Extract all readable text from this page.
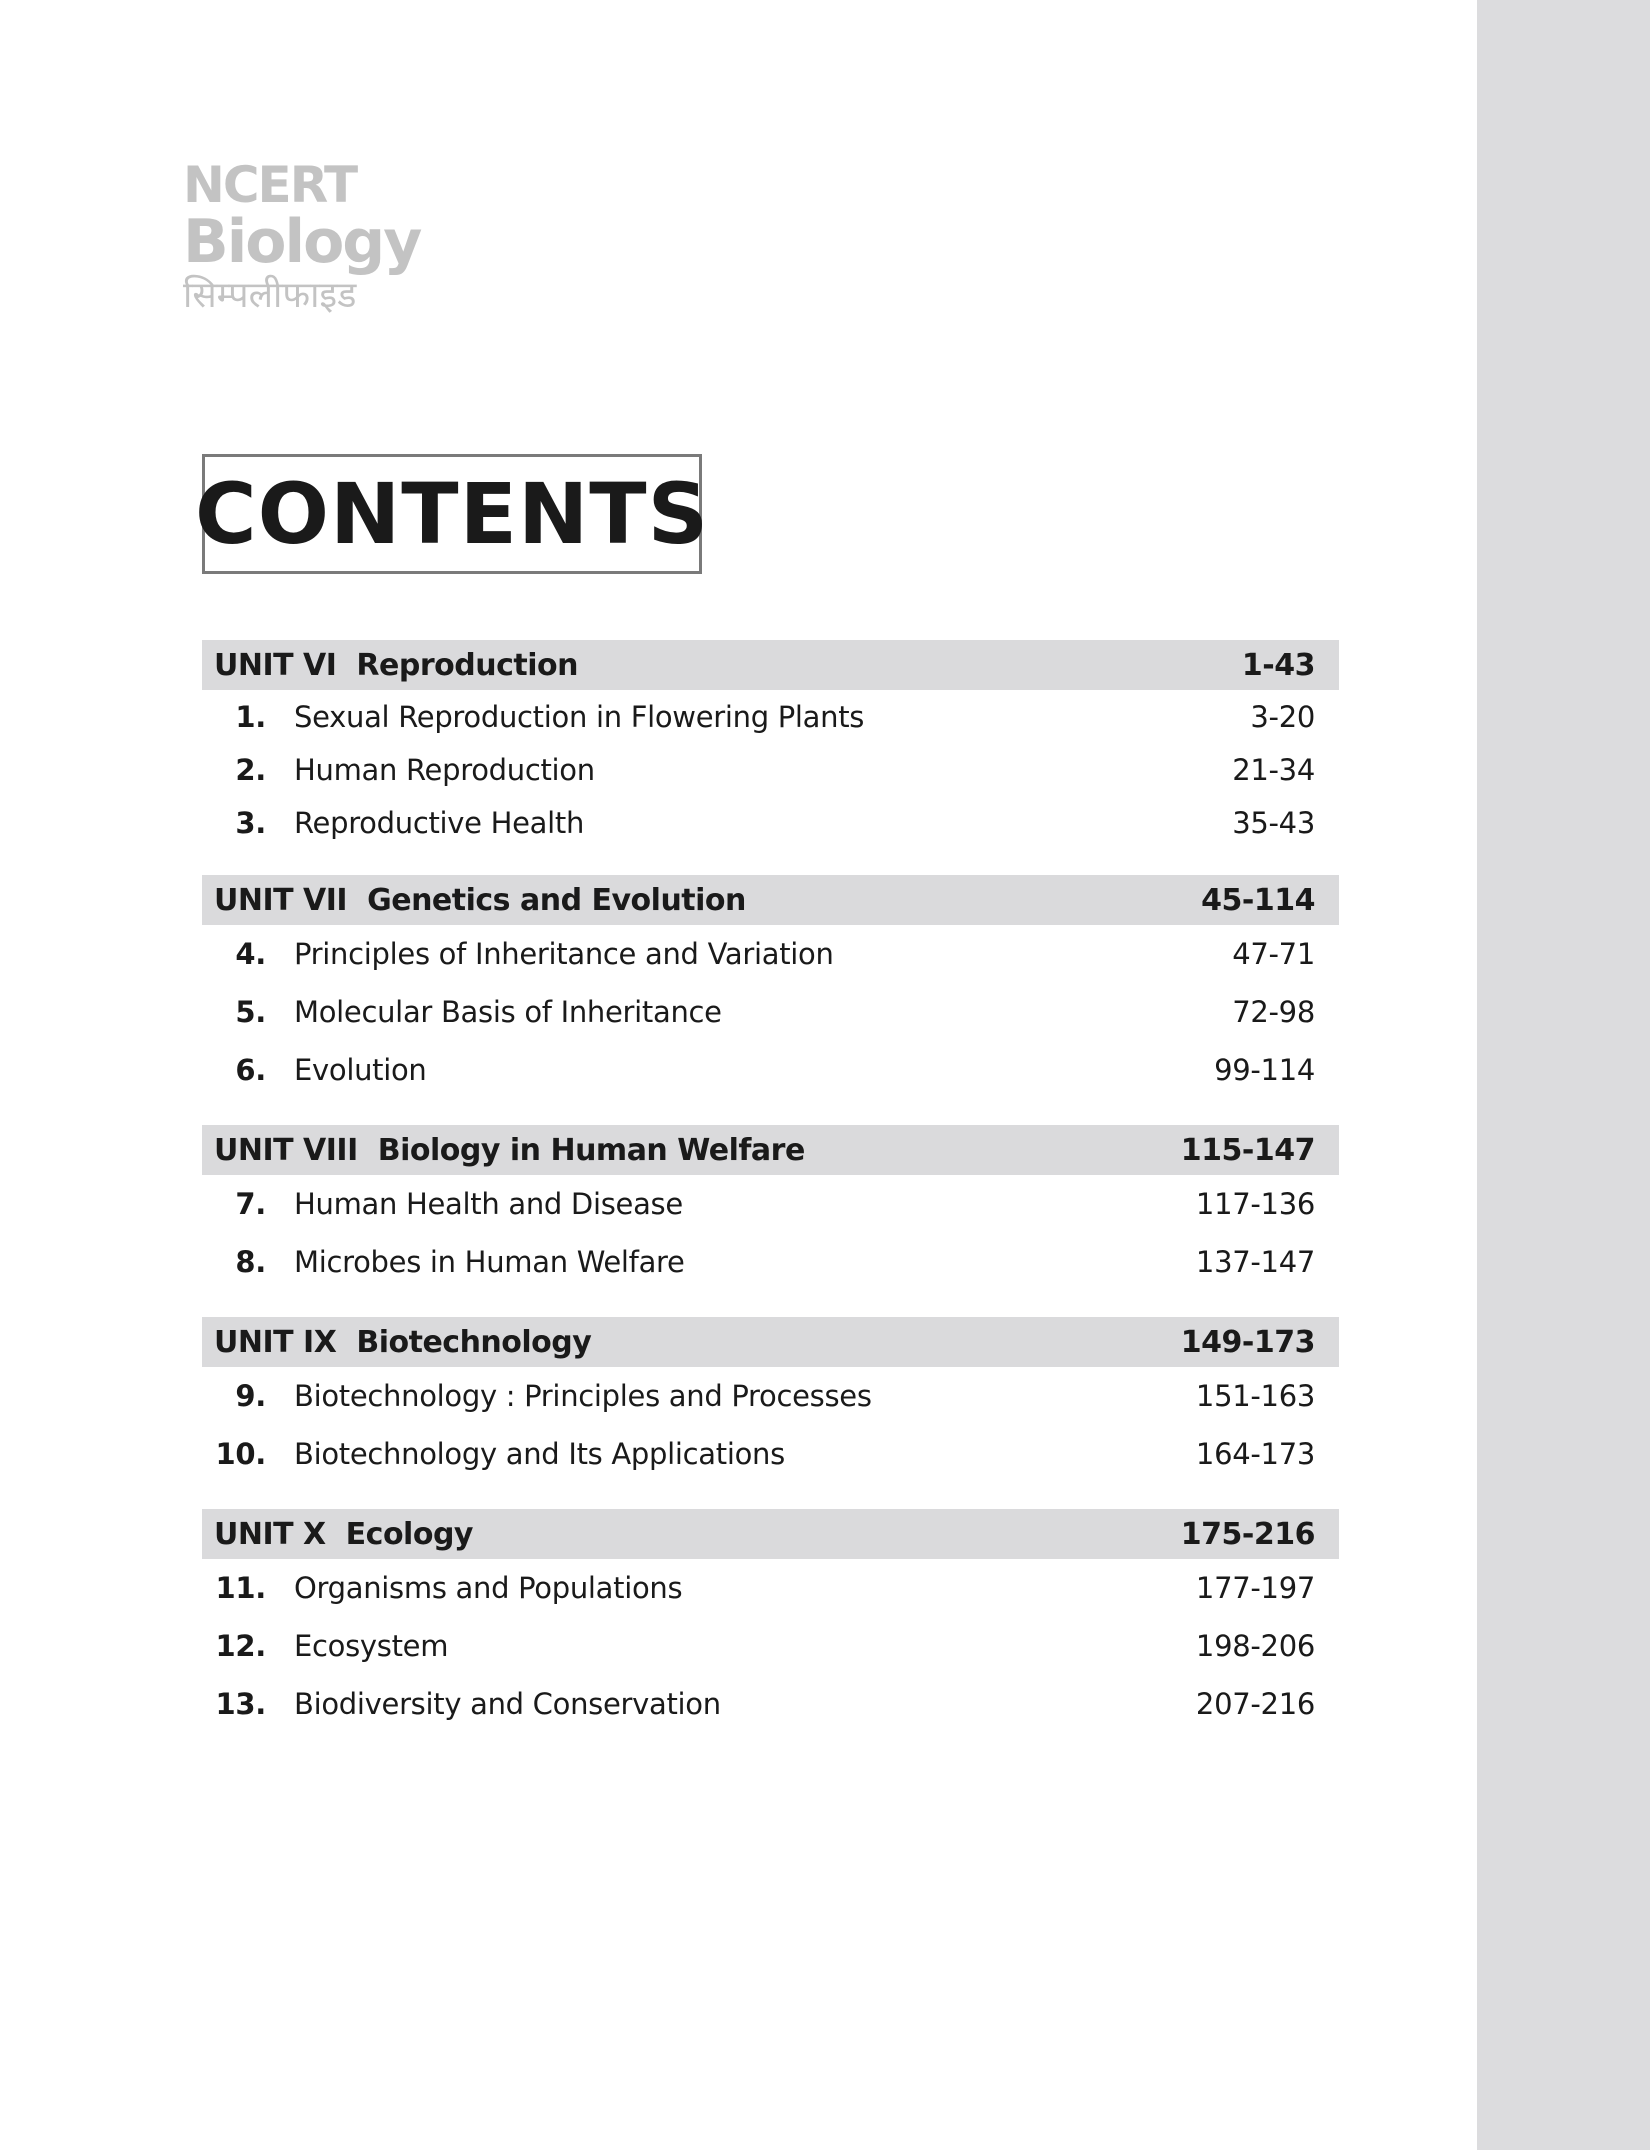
NCERT
Biology
सिम्पलीफाइड
CONTENTS
UNIT VI Reproduction	1-43
1. Sexual Reproduction in Flowering Plants	3-20
2. Human Reproduction	21-34
3. Reproductive Health	35-43
UNIT VII Genetics and Evolution	45-114
4. Principles of Inheritance and Variation	47-71
5. Molecular Basis of Inheritance	72-98
6. Evolution	99-114
UNIT VIII Biology in Human Welfare	115-147
7. Human Health and Disease	117-136
8. Microbes in Human Welfare	137-147
UNIT IX Biotechnology	149-173
9. Biotechnology : Principles and Processes	151-163
10. Biotechnology and Its Applications	164-173
UNIT X Ecology	175-216
11. Organisms and Populations	177-197
12. Ecosystem	198-206
13. Biodiversity and Conservation	207-216
